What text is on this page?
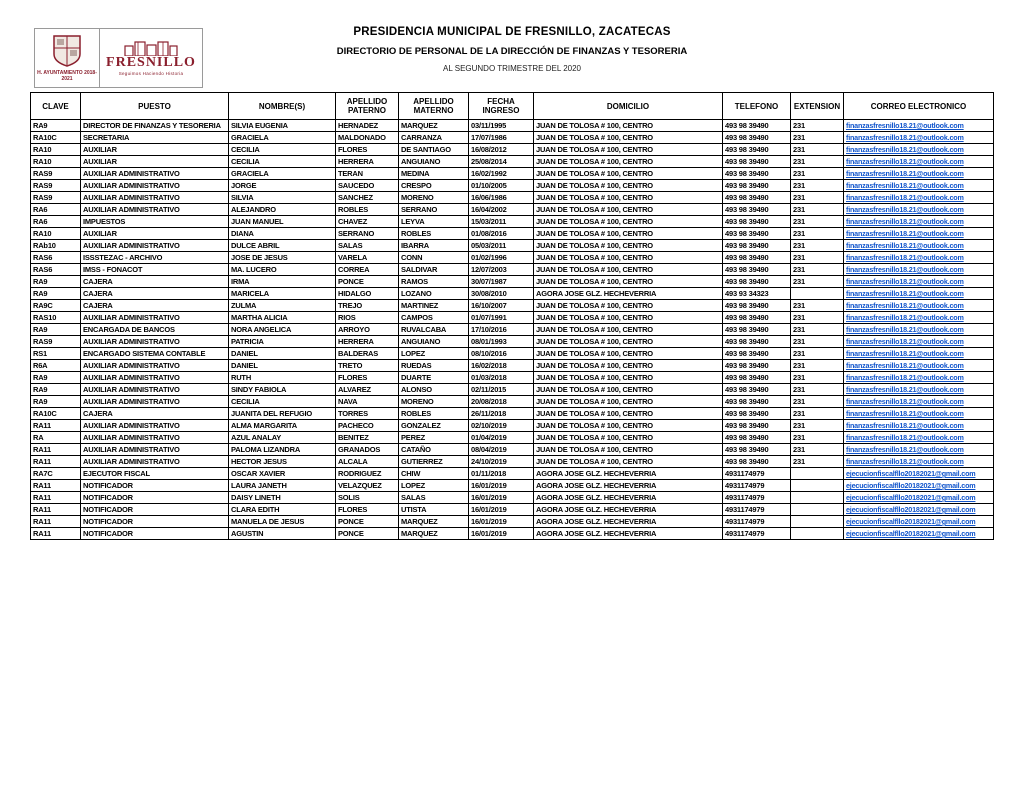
H. AYUNTAMIENTO 2018-2021
FRESNILLO
Seguimos Haciendo Historia
PRESIDENCIA MUNICIPAL DE FRESNILLO, ZACATECAS
DIRECTORIO DE PERSONAL DE LA DIRECCIÓN DE FINANZAS Y TESORERIA
AL SEGUNDO TRIMESTRE DEL 2020
CLAVE	PUESTO	NOMBRE(S)	APELLIDO PATERNO	APELLIDO MATERNO	FECHA INGRESO	DOMICILIO	TELEFONO	EXTENSION	CORREO ELECTRONICO
RA9	DIRECTOR DE FINANZAS Y TESORERIA	SILVIA EUGENIA	HERNADEZ	MARQUEZ	03/11/1995	JUAN DE TOLOSA # 100, CENTRO	493 98 39490	231	finanzasfresnillo18.21@outlook.com
RA10C	SECRETARIA	GRACIELA	MALDONADO	CARRANZA	17/07/1986	JUAN DE TOLOSA # 100, CENTRO	493 98 39490	231	finanzasfresnillo18.21@outlook.com
RA10	AUXILIAR	CECILIA	FLORES	DE SANTIAGO	16/08/2012	JUAN DE TOLOSA # 100, CENTRO	493 98 39490	231	finanzasfresnillo18.21@outlook.com
RA10	AUXILIAR	CECILIA	HERRERA	ANGUIANO	25/08/2014	JUAN DE TOLOSA # 100, CENTRO	493 98 39490	231	finanzasfresnillo18.21@outlook.com
RAS9	AUXILIAR ADMINISTRATIVO	GRACIELA	TERAN	MEDINA	16/02/1992	JUAN DE TOLOSA # 100, CENTRO	493 98 39490	231	finanzasfresnillo18.21@outlook.com
RAS9	AUXILIAR ADMINISTRATIVO	JORGE	SAUCEDO	CRESPO	01/10/2005	JUAN DE TOLOSA # 100, CENTRO	493 98 39490	231	finanzasfresnillo18.21@outlook.com
RAS9	AUXILIAR ADMINISTRATIVO	SILVIA	SANCHEZ	MORENO	16/06/1986	JUAN DE TOLOSA # 100, CENTRO	493 98 39490	231	finanzasfresnillo18.21@outlook.com
RA6	AUXILIAR ADMINISTRATIVO	ALEJANDRO	ROBLES	SERRANO	16/04/2002	JUAN DE TOLOSA # 100, CENTRO	493 98 39490	231	finanzasfresnillo18.21@outlook.com
RA6	IMPUESTOS	JUAN MANUEL	CHAVEZ	LEYVA	15/03/2011	JUAN DE TOLOSA # 100, CENTRO	493 98 39490	231	finanzasfresnillo18.21@outlook.com
RA10	AUXILIAR	DIANA	SERRANO	ROBLES	01/08/2016	JUAN DE TOLOSA # 100, CENTRO	493 98 39490	231	finanzasfresnillo18.21@outlook.com
RAb10	AUXILIAR ADMINISTRATIVO	DULCE ABRIL	SALAS	IBARRA	05/03/2011	JUAN DE TOLOSA # 100, CENTRO	493 98 39490	231	finanzasfresnillo18.21@outlook.com
RAS6	ISSSTEZAC - ARCHIVO	JOSE DE JESUS	VARELA	CONN	01/02/1996	JUAN DE TOLOSA # 100, CENTRO	493 98 39490	231	finanzasfresnillo18.21@outlook.com
RAS6	IMSS - FONACOT	MA. LUCERO	CORREA	SALDIVAR	12/07/2003	JUAN DE TOLOSA # 100, CENTRO	493 98 39490	231	finanzasfresnillo18.21@outlook.com
RA9	CAJERA	IRMA	PONCE	RAMOS	30/07/1987	JUAN DE TOLOSA # 100, CENTRO	493 98 39490	231	finanzasfresnillo18.21@outlook.com
RA9	CAJERA	MARICELA	HIDALGO	LOZANO	30/08/2010	AGORA JOSE GLZ. HECHEVERRIA	493 93 34323		finanzasfresnillo18.21@outlook.com
RA9C	CAJERA	ZULMA	TREJO	MARTINEZ	16/10/2007	JUAN DE TOLOSA # 100, CENTRO	493 98 39490	231	finanzasfresnillo18.21@outlook.com
RAS10	AUXILIAR ADMINISTRATIVO	MARTHA ALICIA	RIOS	CAMPOS	01/07/1991	JUAN DE TOLOSA # 100, CENTRO	493 98 39490	231	finanzasfresnillo18.21@outlook.com
RA9	ENCARGADA DE BANCOS	NORA ANGELICA	ARROYO	RUVALCABA	17/10/2016	JUAN DE TOLOSA # 100, CENTRO	493 98 39490	231	finanzasfresnillo18.21@outlook.com
RAS9	AUXILIAR ADMINISTRATIVO	PATRICIA	HERRERA	ANGUIANO	08/01/1993	JUAN DE TOLOSA # 100, CENTRO	493 98 39490	231	finanzasfresnillo18.21@outlook.com
RS1	ENCARGADO SISTEMA CONTABLE	DANIEL	BALDERAS	LOPEZ	08/10/2016	JUAN DE TOLOSA # 100, CENTRO	493 98 39490	231	finanzasfresnillo18.21@outlook.com
R6A	AUXILIAR ADMINISTRATIVO	DANIEL	TRETO	RUEDAS	16/02/2018	JUAN DE TOLOSA # 100, CENTRO	493 98 39490	231	finanzasfresnillo18.21@outlook.com
RA9	AUXILIAR ADMINISTRATIVO	RUTH	FLORES	DUARTE	01/03/2018	JUAN DE TOLOSA # 100, CENTRO	493 98 39490	231	finanzasfresnillo18.21@outlook.com
RA9	AUXILIAR ADMINISTRATIVO	SINDY FABIOLA	ALVAREZ	ALONSO	02/11/2015	JUAN DE TOLOSA # 100, CENTRO	493 98 39490	231	finanzasfresnillo18.21@outlook.com
RA9	AUXILIAR ADMINISTRATIVO	CECILIA	NAVA	MORENO	20/08/2018	JUAN DE TOLOSA # 100, CENTRO	493 98 39490	231	finanzasfresnillo18.21@outlook.com
RA10C	CAJERA	JUANITA DEL REFUGIO	TORRES	ROBLES	26/11/2018	JUAN DE TOLOSA # 100, CENTRO	493 98 39490	231	finanzasfresnillo18.21@outlook.com
RA11	AUXILIAR ADMINISTRATIVO	ALMA MARGARITA	PACHECO	GONZALEZ	02/10/2019	JUAN DE TOLOSA # 100, CENTRO	493 98 39490	231	finanzasfresnillo18.21@outlook.com
RA	AUXILIAR ADMINISTRATIVO	AZUL ANALAY	BENITEZ	PEREZ	01/04/2019	JUAN DE TOLOSA # 100, CENTRO	493 98 39490	231	finanzasfresnillo18.21@outlook.com
RA11	AUXILIAR ADMINISTRATIVO	PALOMA LIZANDRA	GRANADOS	CATAÑO	08/04/2019	JUAN DE TOLOSA # 100, CENTRO	493 98 39490	231	finanzasfresnillo18.21@outlook.com
RA11	AUXILIAR ADMINISTRATIVO	HECTOR JESUS	ALCALA	GUTIERREZ	24/10/2019	JUAN DE TOLOSA # 100, CENTRO	493 98 39490	231	finanzasfresnillo18.21@outlook.com
RA7C	EJECUTOR FISCAL	OSCAR XAVIER	RODRIGUEZ	CHIW	01/11/2018	AGORA JOSE GLZ. HECHEVERRIA	4931174979		ejecucionfiscalfllo20182021@gmail.com
RA11	NOTIFICADOR	LAURA JANETH	VELAZQUEZ	LOPEZ	16/01/2019	AGORA JOSE GLZ. HECHEVERRIA	4931174979		ejecucionfiscalfllo20182021@gmail.com
RA11	NOTIFICADOR	DAISY LINETH	SOLIS	SALAS	16/01/2019	AGORA JOSE GLZ. HECHEVERRIA	4931174979		ejecucionfiscalfllo20182021@gmail.com
RA11	NOTIFICADOR	CLARA EDITH	FLORES	UTISTA	16/01/2019	AGORA JOSE GLZ. HECHEVERRIA	4931174979		ejecucionfiscalfllo20182021@gmail.com
RA11	NOTIFICADOR	MANUELA DE JESUS	PONCE	MARQUEZ	16/01/2019	AGORA JOSE GLZ. HECHEVERRIA	4931174979		ejecucionfiscalfllo20182021@gmail.com
RA11	NOTIFICADOR	AGUSTIN	PONCE	MARQUEZ	16/01/2019	AGORA JOSE GLZ. HECHEVERRIA	4931174979		ejecucionfiscalfllo20182021@gmail.com
